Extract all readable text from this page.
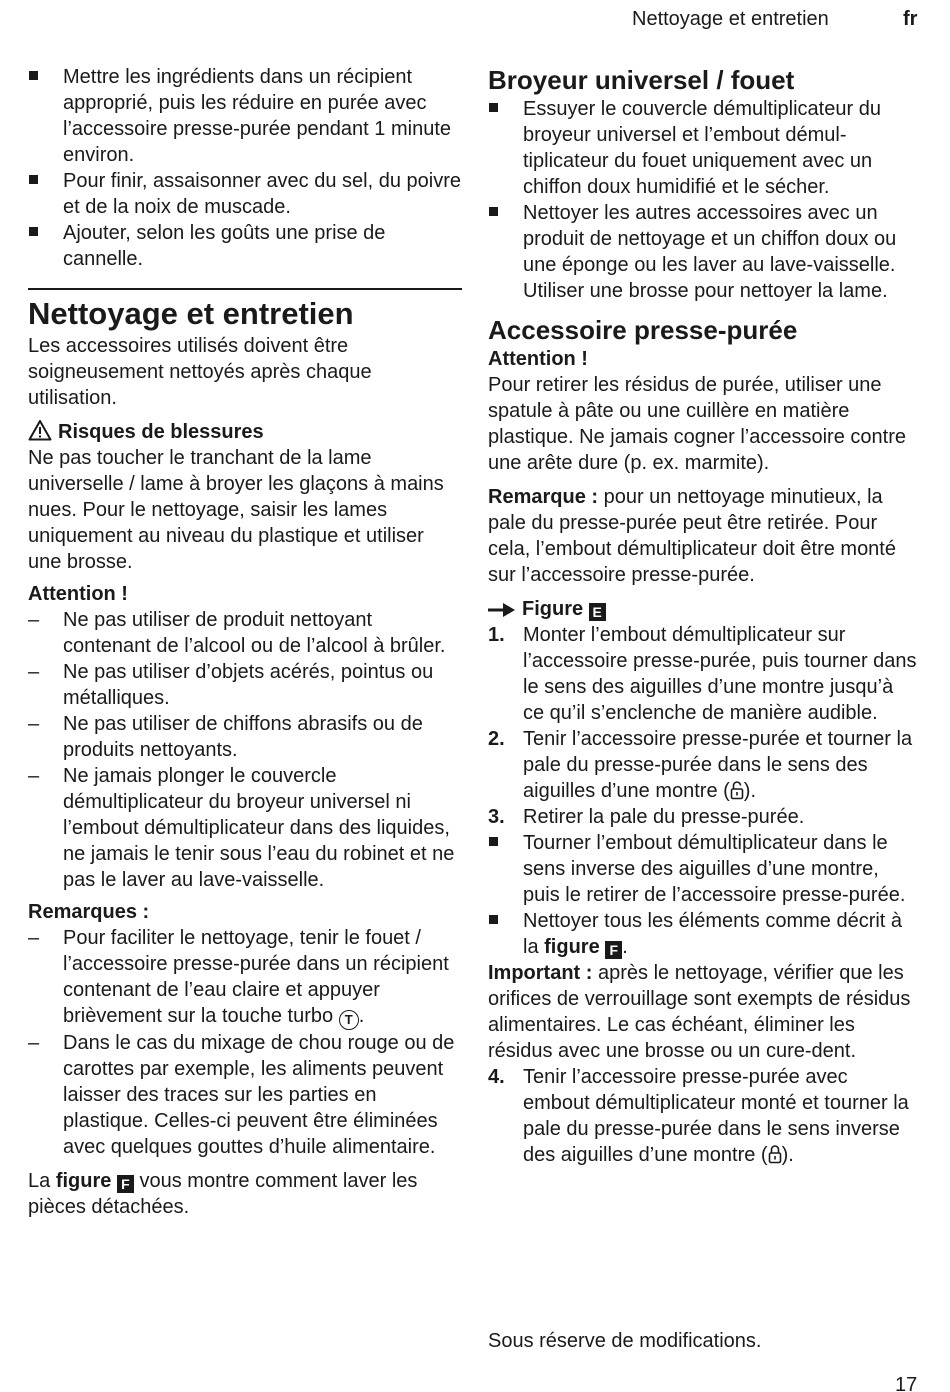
Nettoyage et entretien	fr

Mettre les ingrédients dans un récipient approprié, puis les réduire en purée avec l’accessoire presse-purée pendant 1 minute environ.

Pour finir, assaisonner avec du sel, du poivre et de la noix de muscade.

Ajouter, selon les goûts une prise de cannelle.

Nettoyage et entretien

Les accessoires utilisés doivent être soigneusement nettoyés après chaque utilisation.

Risques de blessures

Ne pas toucher le tranchant de la lame universelle / lame à broyer les glaçons à mains nues. Pour le nettoyage, saisir les lames uniquement au niveau du plastique et utiliser une brosse.

Attention !

–	Ne pas utiliser de produit nettoyant contenant de l’alcool ou de l’alcool à brûler.

–	Ne pas utiliser d’objets acérés, pointus ou métalliques.

–	Ne pas utiliser de chiffons abrasifs ou de produits nettoyants.

–	Ne jamais plonger le couvercle démultiplicateur du broyeur universel ni l’embout démultiplicateur dans des liquides, ne jamais le tenir sous l’eau du robinet et ne pas le laver au lave-vaisselle.

Remarques :

–	Pour faciliter le nettoyage, tenir le fouet / l’accessoire presse-purée dans un récipient contenant de l’eau claire et appuyer brièvement sur la touche turbo T .

–	Dans le cas du mixage de chou rouge ou de carottes par exemple, les aliments peuvent laisser des traces sur les parties en plastique. Celles-ci peuvent être éliminées avec quelques gouttes d’huile alimentaire.

La figure F vous montre comment laver les pièces détachées.

Broyeur universel / fouet

Essuyer le couvercle démultiplicateur du broyeur universel et l’embout démultiplicateur du fouet uniquement avec un chiffon doux humidifié et le sécher.

Nettoyer les autres accessoires avec un produit de nettoyage et un chiffon doux ou une éponge ou les laver au lave-vaisselle. Utiliser une brosse pour nettoyer la lame.

Accessoire presse-purée

Attention !

Pour retirer les résidus de purée, utiliser une spatule à pâte ou une cuillère en matière plastique. Ne jamais cogner l’accessoire contre une arête dure (p. ex. marmite).

Remarque : pour un nettoyage minutieux, la pale du presse-purée peut être retirée. Pour cela, l’embout démultiplicateur doit être monté sur l’accessoire presse-purée.

Figure E

1. Monter l’embout démultiplicateur sur l’accessoire presse-purée, puis tourner dans le sens des aiguilles d’une montre jusqu’à ce qu’il s’enclenche de manière audible.

2. Tenir l’accessoire presse-purée et tourner la pale du presse-purée dans le sens des aiguilles d’une montre ( ).

3. Retirer la pale du presse-purée.

Tourner l’embout démultiplicateur dans le sens inverse des aiguilles d’une montre, puis le retirer de l’accessoire presse-purée.

Nettoyer tous les éléments comme décrit à la figure F .

Important : après le nettoyage, vérifier que les orifices de verrouillage sont exempts de résidus alimentaires. Le cas échéant, éliminer les résidus avec une brosse ou un cure-dent.

4. Tenir l’accessoire presse-purée avec embout démultiplicateur monté et tourner la pale du presse-purée dans le sens inverse des aiguilles d’une montre ( ).

Sous réserve de modifications.
17
